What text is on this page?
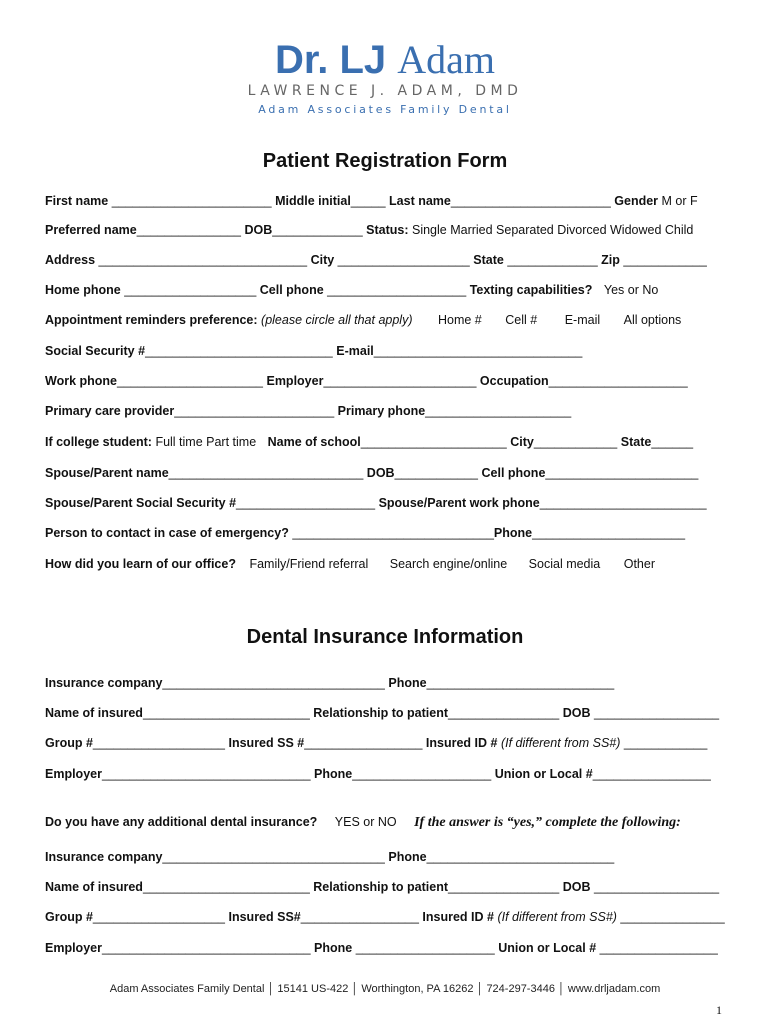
Dr. LJ Adam
LAWRENCE J. ADAM, DMD
Adam Associates Family Dental
Patient Registration Form
First name _______________________ Middle initial_____ Last name_______________________ Gender M or F
Preferred name_______________ DOB_____________ Status: Single Married Separated Divorced Widowed Child
Address ______________________________ City ___________________ State _____________ Zip ____________
Home phone ___________________ Cell phone ____________________ Texting capabilities? Yes or No
Appointment reminders preference: (please circle all that apply) Home # Cell # E-mail All options
Social Security #___________________________ E-mail______________________________
Work phone_____________________ Employer______________________ Occupation____________________
Primary care provider_______________________ Primary phone_____________________
If college student: Full time Part time Name of school_____________________ City____________ State______
Spouse/Parent name____________________________ DOB____________ Cell phone______________________
Spouse/Parent Social Security #____________________ Spouse/Parent work phone________________________
Person to contact in case of emergency? _____________________________Phone______________________
How did you learn of our office? Family/Friend referral Search engine/online Social media Other
Dental Insurance Information
Insurance company________________________________ Phone___________________________
Name of insured________________________ Relationship to patient________________ DOB __________________
Group #___________________ Insured SS #_________________ Insured ID # (If different from SS#) ____________
Employer______________________________ Phone____________________ Union or Local #_________________
Do you have any additional dental insurance? YES or NO If the answer is “yes,” complete the following:
Insurance company________________________________ Phone___________________________
Name of insured________________________ Relationship to patient________________ DOB __________________
Group #___________________ Insured SS#_________________ Insured ID # (If different from SS#) _______________
Employer______________________________ Phone ____________________ Union or Local # _________________
Adam Associates Family Dental │ 15141 US-422 │ Worthington, PA 16262 │ 724-297-3446 │ www.drljadam.com
1
